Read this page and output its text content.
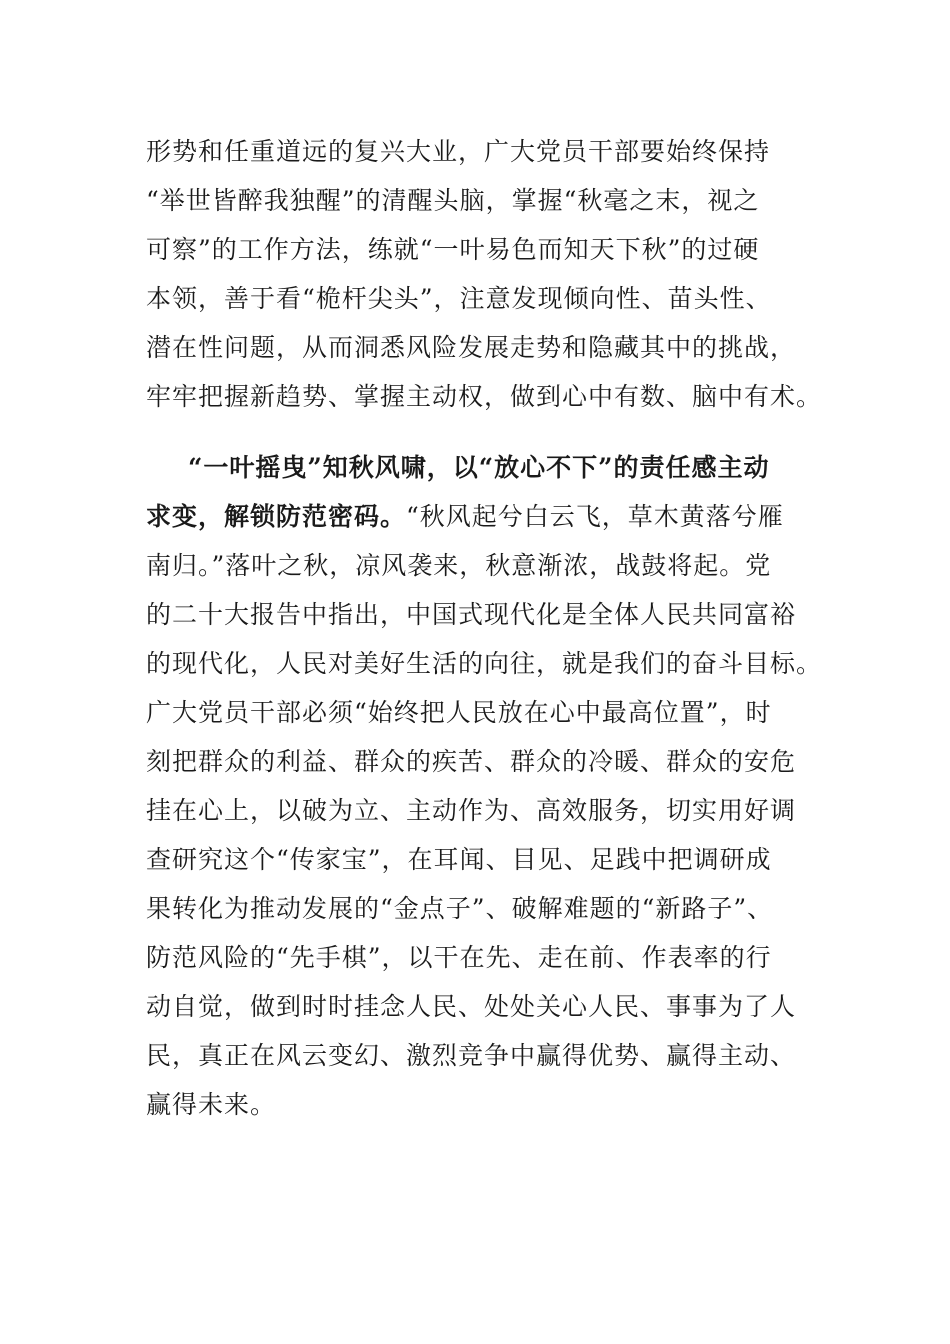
形势和任重道远的复兴大业，广大党员干部要始终保持
“举世皆醉我独醒”的清醒头脑，掌握“秋毫之末，视之
可察”的工作方法，练就“一叶易色而知天下秋”的过硬
本领，善于看“桅杆尖头”，注意发现倾向性、苗头性、
潜在性问题，从而洞悉风险发展走势和隐藏其中的挑战，
牢牢把握新趋势、掌握主动权，做到心中有数、脑中有术。
“一叶摇曳”知秋风啸，以“放心不下”的责任感主动
求变，解锁防范密码。“秋风起兮白云飞，草木黄落兮雁
南归。”落叶之秋，凉风袭来，秋意渐浓，战鼓将起。党
的二十大报告中指出，中国式现代化是全体人民共同富裕
的现代化，人民对美好生活的向往，就是我们的奋斗目标。
广大党员干部必须“始终把人民放在心中最高位置”，时
刻把群众的利益、群众的疾苦、群众的冷暖、群众的安危
挂在心上，以破为立、主动作为、高效服务，切实用好调
查研究这个“传家宝”，在耳闻、目见、足践中把调研成
果转化为推动发展的“金点子”、破解难题的“新路子”、
防范风险的“先手棋”，以干在先、走在前、作表率的行
动自觉，做到时时挂念人民、处处关心人民、事事为了人
民，真正在风云变幻、激烈竞争中赢得优势、赢得主动、
赢得未来。
